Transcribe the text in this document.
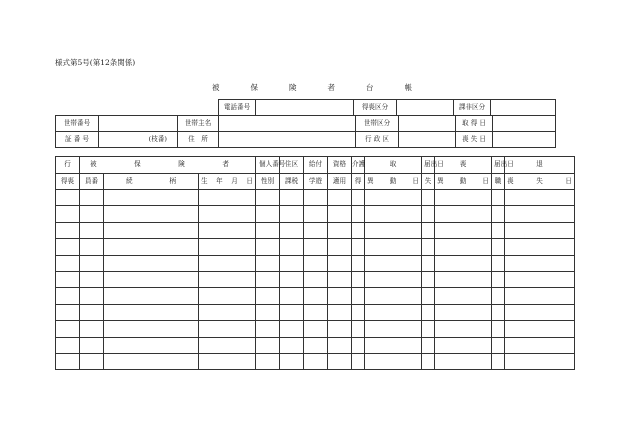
様式第5号(第12条関係)
被	保	険	者	台	帳
電話番号		得喪区分		課非区分	
世帯番号		世帯主名		世帯区分		取 得 日	
証 番 号	(枝番)	住　所		行 政 区		喪 失 日	
行	被 保 険 者			個 人 番 号	住区	給付	資格	介護	取	届 出 日	喪	届 出 日	退	

得喪	員番	続 柄	生 年 月 日	性別	課税	学遊	適用	得	異 動 日	失	異 動 日	職	喪 失 日	
